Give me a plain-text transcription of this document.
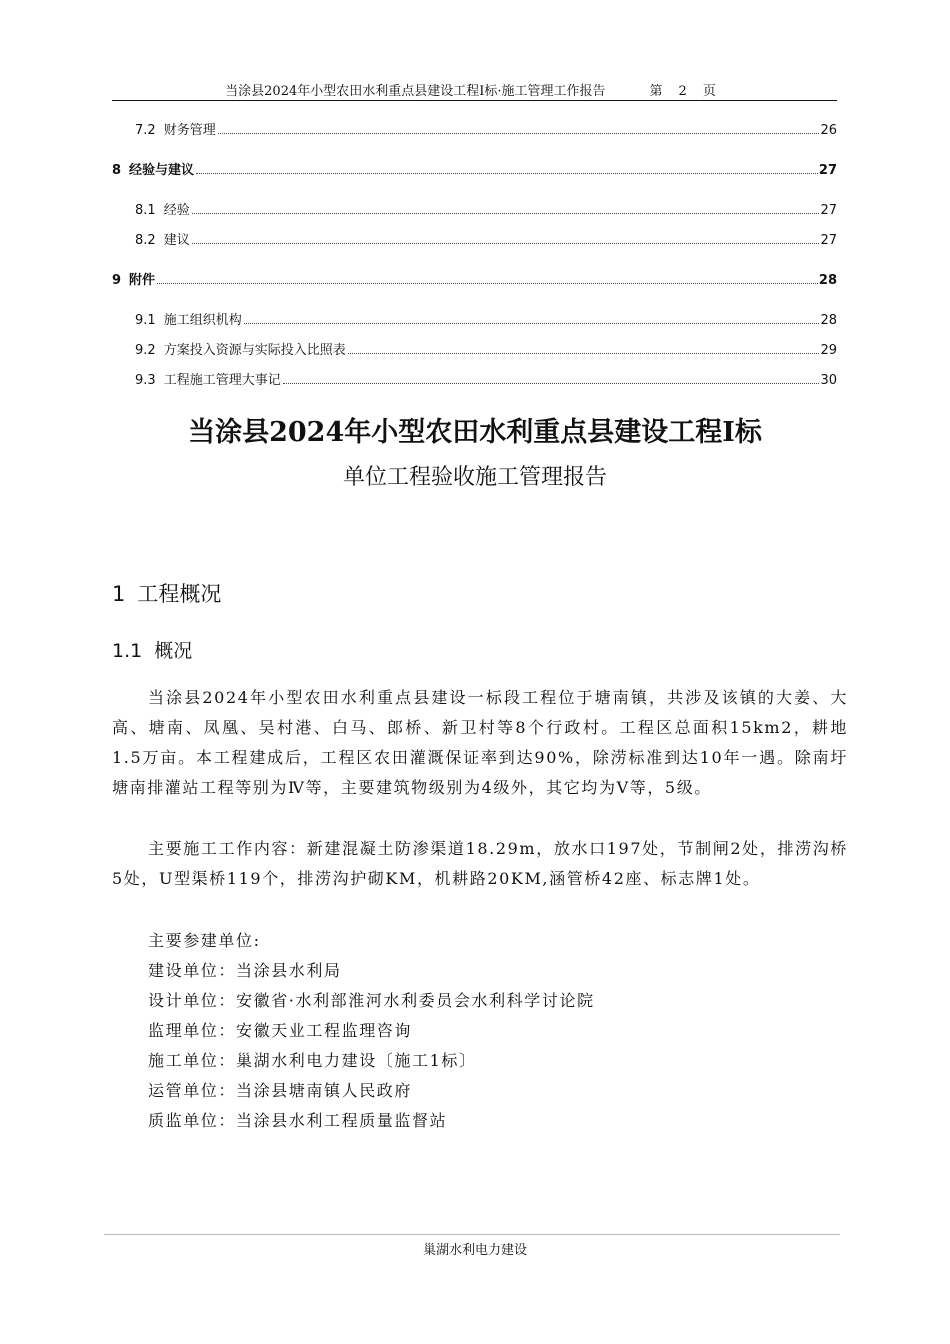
当涂县2024年小型农田水利重点县建设工程I标·施工管理工作报告	第 2 页
7.2 财务管理	26
8 经验与建议	27
8.1 经验	27
8.2 建议	27
9 附件	28
9.1 施工组织机构	28
9.2 方案投入资源与实际投入比照表	29
9.3 工程施工管理大事记	30
当涂县2024年小型农田水利重点县建设工程I标
单位工程验收施工管理报告
1 工程概况
1.1 概况
当涂县2024年小型农田水利重点县建设一标段工程位于塘南镇，共涉及该镇的大姜、大高、塘南、凤凰、吴村港、白马、郎桥、新卫村等8个行政村。工程区总面积15km2，耕地1.5万亩。本工程建成后，工程区农田灌溉保证率到达90%，除涝标准到达10年一遇。除南圩塘南排灌站工程等别为Ⅳ等，主要建筑物级别为4级外，其它均为Ⅴ等，5级。
主要施工工作内容：新建混凝土防渗渠道18.29m，放水口197处，节制闸2处，排涝沟桥5处，U型渠桥119个，排涝沟护砌KM，机耕路20KM,涵管桥42座、标志牌1处。
主要参建单位:
建设单位：当涂县水利局
设计单位：安徽省·水利部淮河水利委员会水利科学讨论院
监理单位：安徽天业工程监理咨询
施工单位：巢湖水利电力建设〔施工1标〕
运管单位：当涂县塘南镇人民政府
质监单位：当涂县水利工程质量监督站
巢湖水利电力建设
